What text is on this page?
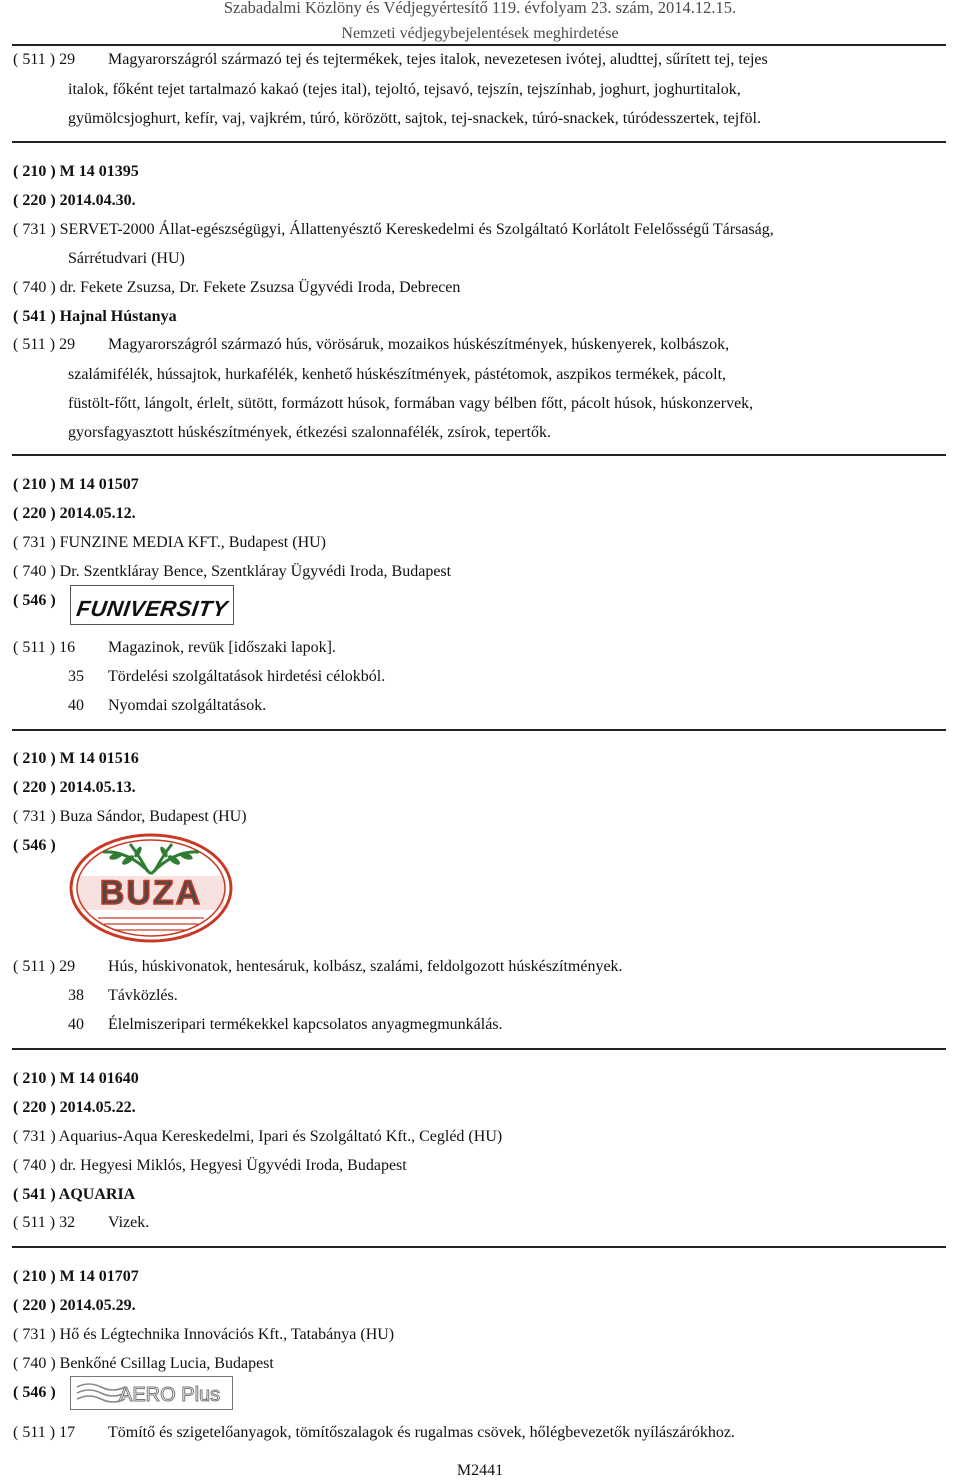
Szabadalmi Közlöny és Védjegyértesítő 119. évfolyam 23. szám, 2014.12.15.
Nemzeti védjegybejelentések meghirdetése
( 511 ) 29 Magyarországról származó tej és tejtermékek, tejes italok, nevezetesen ivótej, aludttej, sűrített tej, tejes
italok, főként tejet tartalmazó kakaó (tejes ital), tejoltó, tejsavó, tejszín, tejszínhab, joghurt, joghurtitalok,
gyümölcsjoghurt, kefír, vaj, vajkrém, túró, körözött, sajtok, tej-snackek, túró-snackek, túródesszertek, tejföl.
( 210 ) M 14 01395
( 220 ) 2014.04.30.
( 731 ) SERVET-2000 Állat-egészségügyi, Állattenyésztő Kereskedelmi és Szolgáltató Korlátolt Felelősségű Társaság,
Sárrétudvari (HU)
( 740 ) dr. Fekete Zsuzsa, Dr. Fekete Zsuzsa Ügyvédi Iroda, Debrecen
( 541 ) Hajnal Hústanya
( 511 ) 29 Magyarországról származó hús, vörösáruk, mozaikos húskészítmények, húskenyerek, kolbászok,
szalámifélék, hússajtok, hurkafélék, kenhető húskészítmények, pástétomok, aszpikos termékek, pácolt,
füstölt-főtt, lángolt, érlelt, sütött, formázott húsok, formában vagy bélben főtt, pácolt húsok, húskonzervek,
gyorsfagyasztott húskészítmények, étkezési szalonnafélék, zsírok, tepertők.
( 210 ) M 14 01507
( 220 ) 2014.05.12.
( 731 ) FUNZINE MEDIA KFT., Budapest (HU)
( 740 ) Dr. Szentkláray Bence, Szentkláray Ügyvédi Iroda, Budapest
( 546 ) FUNIVERSITY
( 511 ) 16 Magazinok, revük [időszaki lapok].
35 Tördelési szolgáltatások hirdetési célokból.
40 Nyomdai szolgáltatások.
( 210 ) M 14 01516
( 220 ) 2014.05.13.
( 731 ) Buza Sándor, Budapest (HU)
( 546 )
BUZA
( 511 ) 29 Hús, húskivonatok, hentesáruk, kolbász, szalámi, feldolgozott húskészítmények.
38 Távközlés.
40 Élelmiszeripari termékekkel kapcsolatos anyagmegmunkálás.
( 210 ) M 14 01640
( 220 ) 2014.05.22.
( 731 ) Aquarius-Aqua Kereskedelmi, Ipari és Szolgáltató Kft., Cegléd (HU)
( 740 ) dr. Hegyesi Miklós, Hegyesi Ügyvédi Iroda, Budapest
( 541 ) AQUARIA
( 511 ) 32 Vizek.
( 210 ) M 14 01707
( 220 ) 2014.05.29.
( 731 ) Hő és Légtechnika Innovációs Kft., Tatabánya (HU)
( 740 ) Benkőné Csillag Lucia, Budapest
( 546 )	AERO Plus
( 511 ) 17 Tömítő és szigetelőanyagok, tömítőszalagok és rugalmas csövek, hőlégbevezetők nyílászárókhoz.
M2441
